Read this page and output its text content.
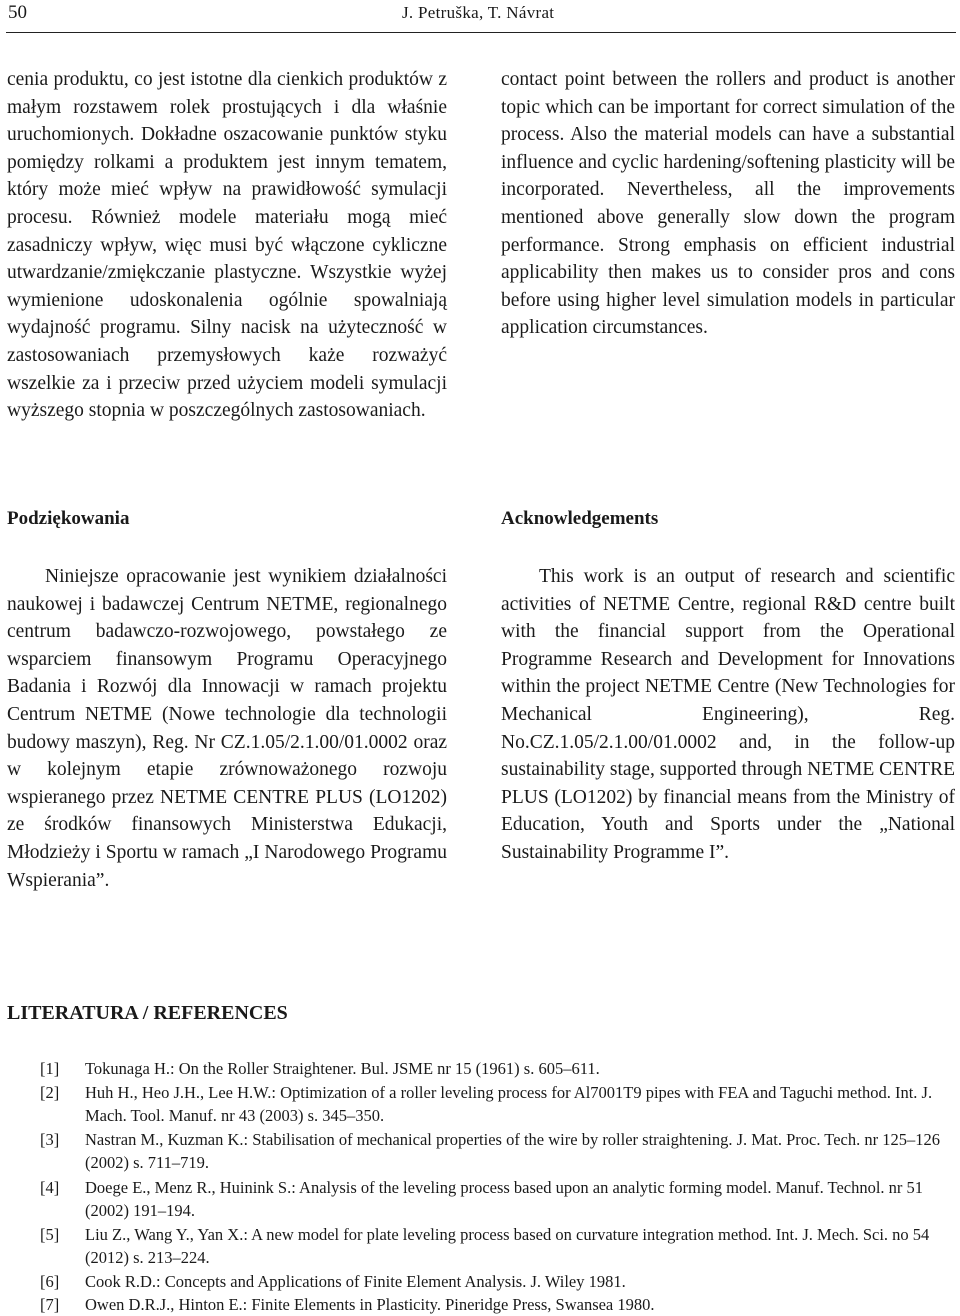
50	J. Petruška, T. Návrat

cenia produktu, co jest istotne dla cienkich produktów z małym rozstawem rolek prostujących i dla właśnie uruchomionych. Dokładne oszacowanie punktów styku pomiędzy rolkami a produktem jest innym tematem, który może mieć wpływ na prawidłowość symulacji procesu. Również modele materiału mogą mieć zasadniczy wpływ, więc musi być włączone cykliczne utwardzanie/zmiękczanie plastyczne. Wszystkie wyżej wymienione udoskonalenia ogólnie spowalniają wydajność programu. Silny nacisk na użyteczność w zastosowaniach przemysłowych każe rozważyć wszelkie za i przeciw przed użyciem modeli symulacji wyższego stopnia w poszczególnych zastosowaniach.

Podziękowania

Niniejsze opracowanie jest wynikiem działalności naukowej i badawczej Centrum NETME, regionalnego centrum badawczo-rozwojowego, powstałego ze wsparciem finansowym Programu Operacyjnego Badania i Rozwój dla Innowacji w ramach projektu Centrum NETME (Nowe technologie dla technologii budowy maszyn), Reg. Nr CZ.1.05/2.1.00/01.0002 oraz w kolejnym etapie zrównoważonego rozwoju wspieranego przez NETME CENTRE PLUS (LO1202) ze środków finansowych Ministerstwa Edukacji, Młodzieży i Sportu w ramach „I Narodowego Programu Wspierania”.

contact point between the rollers and product is another topic which can be important for correct simulation of the process. Also the material models can have a substantial influence and cyclic hardening/softening plasticity will be incorporated. Nevertheless, all the improvements mentioned above generally slow down the program performance. Strong emphasis on efficient industrial applicability then makes us to consider pros and cons before using higher level simulation models in particular application circumstances.

Acknowledgements

This work is an output of research and scientific activities of NETME Centre, regional R&D centre built with the financial support from the Operational Programme Research and Development for Innovations within the project NETME Centre (New Technologies for Mechanical Engineering), Reg. No.CZ.1.05/2.1.00/01.0002 and, in the follow-up sustainability stage, supported through NETME CENTRE PLUS (LO1202) by financial means from the Ministry of Education, Youth and Sports under the „National Sustainability Programme I”.

LITERATURA / REFERENCES
[1] Tokunaga H.: On the Roller Straightener. Bul. JSME nr 15 (1961) s. 605–611.
[2] Huh H., Heo J.H., Lee H.W.: Optimization of a roller leveling process for Al7001T9 pipes with FEA and Taguchi method. Int. J. Mach. Tool. Manuf. nr 43 (2003) s. 345–350.
[3] Nastran M., Kuzman K.: Stabilisation of mechanical properties of the wire by roller straightening. J. Mat. Proc. Tech. nr 125–126 (2002) s. 711–719.
[4] Doege E., Menz R., Huinink S.: Analysis of the leveling process based upon an analytic forming model. Manuf. Technol. nr 51 (2002) 191–194.
[5] Liu Z., Wang Y., Yan X.: A new model for plate leveling process based on curvature integration method. Int. J. Mech. Sci. no 54 (2012) s. 213–224.
[6] Cook R.D.: Concepts and Applications of Finite Element Analysis. J. Wiley 1981.
[7] Owen D.R.J., Hinton E.: Finite Elements in Plasticity. Pineridge Press, Swansea 1980.
